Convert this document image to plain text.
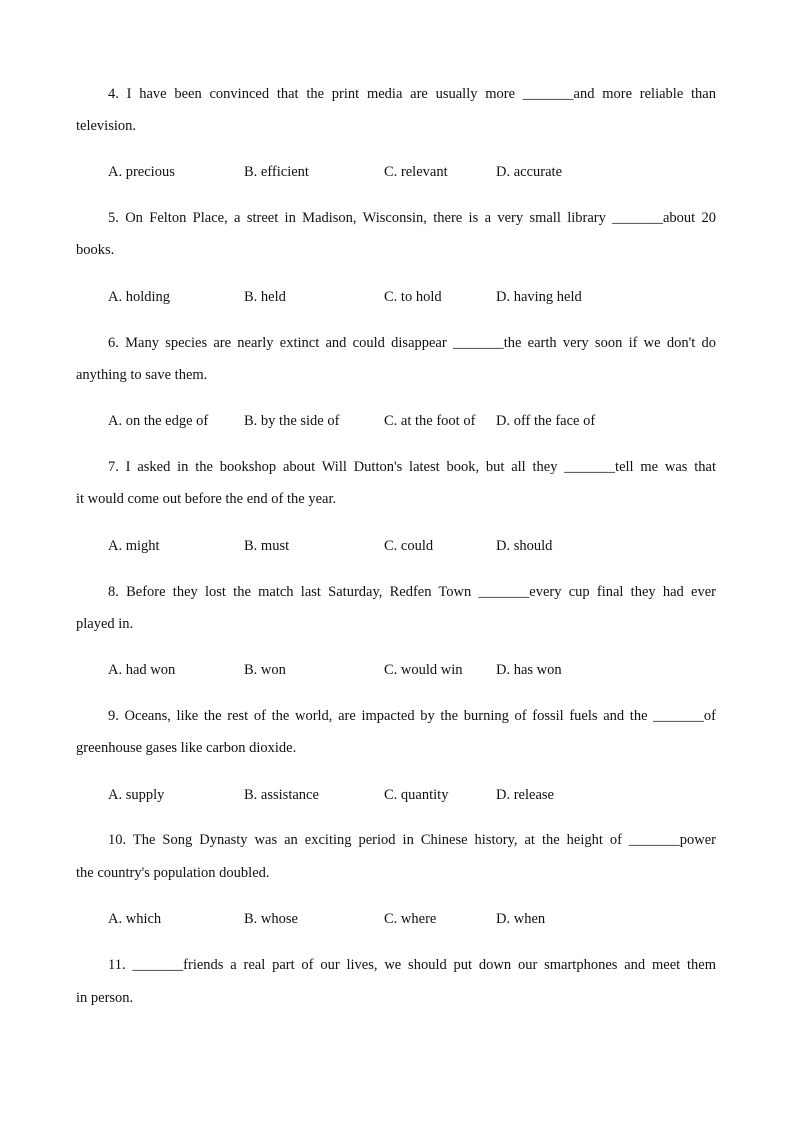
4. I have been convinced that the print media are usually more _______and more reliable than
television.
A. precious	B. efficient	C. relevant	D. accurate
5. On Felton Place, a street in Madison, Wisconsin, there is a very small library _______about 20
books.
A. holding	B. held	C. to hold	D. having held
6. Many species are nearly extinct and could disappear _______the earth very soon if we don't do
anything to save them.
A. on the edge of B. by the side of	C. at the foot of D. off the face of
7. I asked in the bookshop about Will Dutton's latest book, but all they _______tell me was that
it would come out before the end of the year.
A. might	B. must	C. could	D. should
8. Before they lost the match last Saturday, Redfen Town _______every cup final they had ever
played in.
A. had won	B. won	C. would win D. has won
9. Oceans, like the rest of the world, are impacted by the burning of fossil fuels and the _______of
greenhouse gases like carbon dioxide.
A. supply	B. assistance	C. quantity	D. release
10. The Song Dynasty was an exciting period in Chinese history, at the height of _______power
the country's population doubled.
A. which	B. whose	C. where	D. when
11. _______friends a real part of our lives, we should put down our smartphones and meet them
in person.
